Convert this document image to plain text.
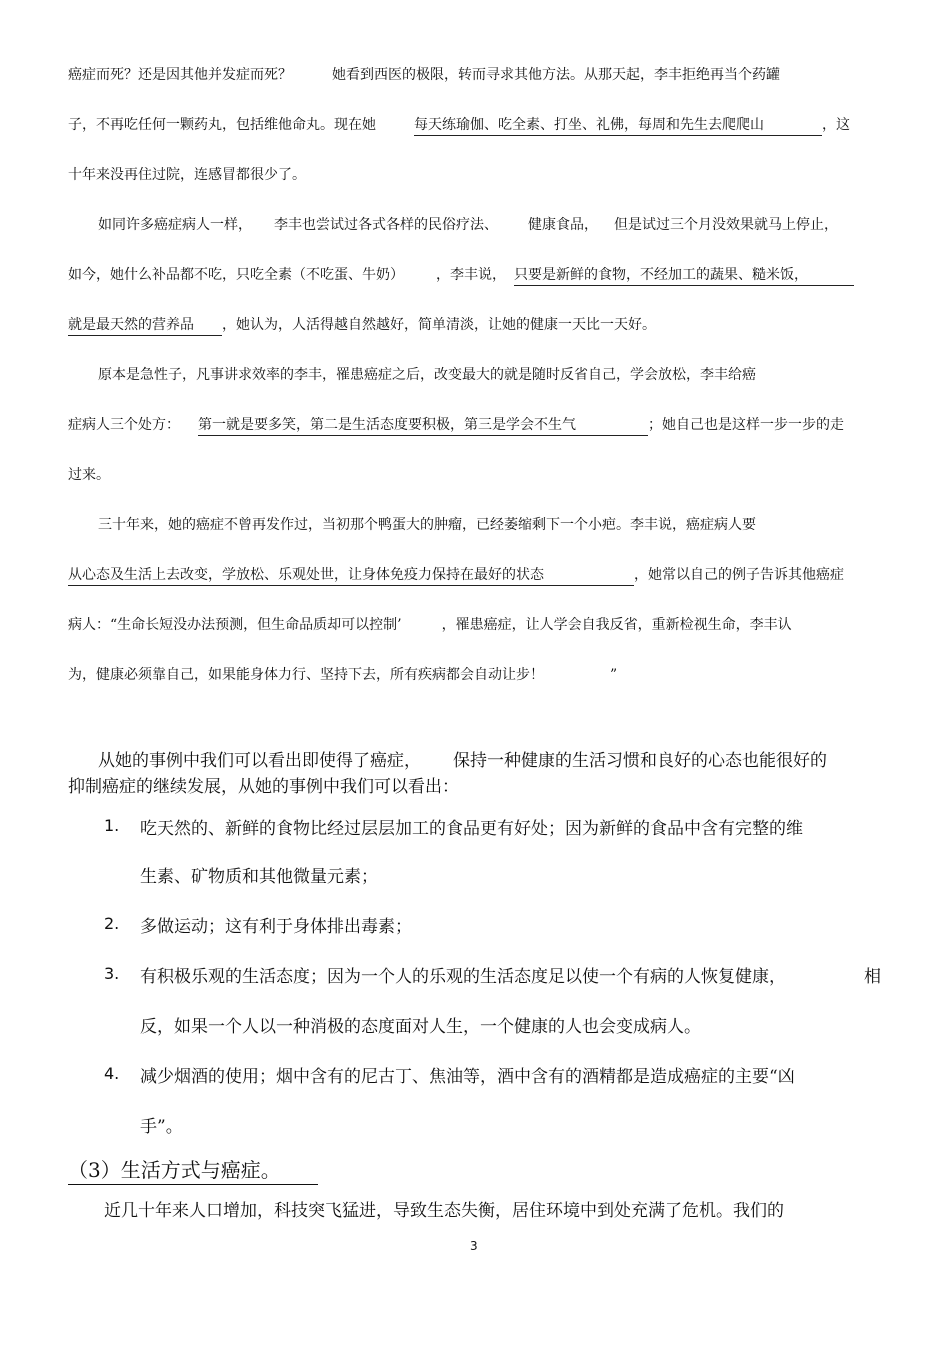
癌症而死？还是因其他并发症而死？	她看到西医的极限，转而寻求其他方法。从那天起，李丰拒绝再当个药罐
子，不再吃任何一颗药丸，包括维他命丸。现在她	每天练瑜伽、吃全素、打坐、礼佛，每周和先生去爬爬山	，这
十年来没再住过院，连感冒都很少了。
如同许多癌症病人一样， 李丰也尝试过各式各样的民俗疗法、 健康食品， 但是试过三个月没效果就马上停止，
如今，她什么补品都不吃，只吃全素（不吃蛋、牛奶） ，李丰说， 只要是新鲜的食物，不经加工的蔬果、糙米饭，
就是最天然的营养品 ，她认为，人活得越自然越好，简单清淡，让她的健康一天比一天好。
原本是急性子，凡事讲求效率的李丰，罹患癌症之后，改变最大的就是随时反省自己，学会放松，李丰给癌
症病人三个处方： 第一就是要多笑，第二是生活态度要积极，第三是学会不生气	；她自己也是这样一步一步的走
过来。
三十年来，她的癌症不曾再发作过，当初那个鸭蛋大的肿瘤，已经萎缩剩下一个小疤。李丰说，癌症病人要
从心态及生活上去改变，学放松、乐观处世，让身体免疫力保持在最好的状态	，她常以自己的例子告诉其他癌症
病人：“生命长短没办法预测，但生命品质却可以控制’	，罹患癌症，让人学会自我反省，重新检视生命，李丰认
为，健康必须靠自己，如果能身体力行、坚持下去，所有疾病都会自动让步！	”
从她的事例中我们可以看出即使得了癌症， 保持一种健康的生活习惯和良好的心态也能很好的
抑制癌症的继续发展，从她的事例中我们可以看出：
1. 吃天然的、新鲜的食物比经过层层加工的食品更有好处；因为新鲜的食品中含有完整的维
生素、矿物质和其他微量元素；
2. 多做运动；这有利于身体排出毒素；
3. 有积极乐观的生活态度；因为一个人的乐观的生活态度足以使一个有病的人恢复健康，	相
反，如果一个人以一种消极的态度面对人生，一个健康的人也会变成病人。
4. 减少烟酒的使用；烟中含有的尼古丁、焦油等，酒中含有的酒精都是造成癌症的主要“凶
手”。
（3）生活方式与癌症。
近几十年来人口增加，科技突飞猛进，导致生态失衡，居住环境中到处充满了危机。我们的
3
